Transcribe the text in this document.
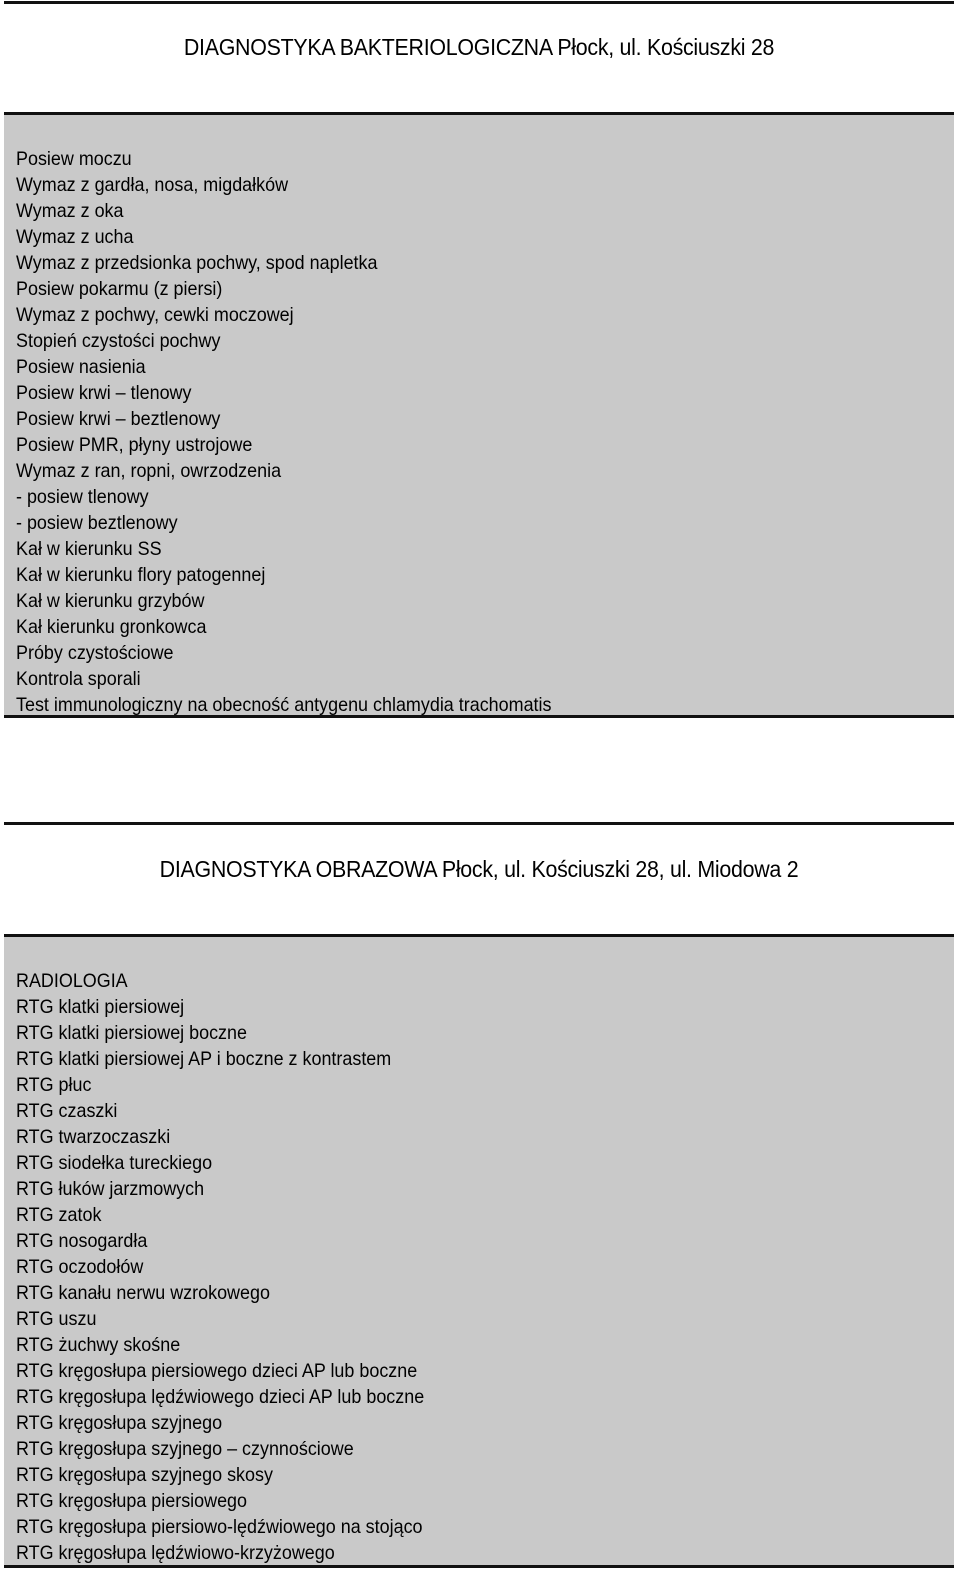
DIAGNOSTYKA BAKTERIOLOGICZNA Płock, ul. Kościuszki 28
Posiew moczu
Wymaz z gardła, nosa, migdałków
Wymaz z oka
Wymaz z ucha
Wymaz z przedsionka pochwy, spod napletka
Posiew pokarmu (z piersi)
Wymaz z pochwy, cewki moczowej
Stopień czystości pochwy
Posiew nasienia
Posiew krwi – tlenowy
Posiew krwi – beztlenowy
Posiew PMR, płyny ustrojowe
Wymaz z ran, ropni, owrzodzenia
- posiew tlenowy
- posiew beztlenowy
Kał w kierunku SS
Kał w kierunku flory patogennej
Kał w kierunku grzybów
Kał kierunku gronkowca
Próby czystościowe
Kontrola sporali
Test immunologiczny na obecność antygenu chlamydia trachomatis
DIAGNOSTYKA OBRAZOWA Płock, ul. Kościuszki 28, ul. Miodowa 2
RADIOLOGIA
RTG klatki piersiowej
RTG klatki piersiowej boczne
RTG klatki piersiowej AP i boczne z kontrastem
RTG płuc
RTG czaszki
RTG twarzoczaszki
RTG siodełka tureckiego
RTG łuków jarzmowych
RTG zatok
RTG nosogardła
RTG oczodołów
RTG kanału nerwu wzrokowego
RTG uszu
RTG żuchwy skośne
RTG kręgosłupa piersiowego dzieci AP lub boczne
RTG kręgosłupa lędźwiowego dzieci AP lub boczne
RTG kręgosłupa szyjnego
RTG kręgosłupa szyjnego – czynnościowe
RTG kręgosłupa szyjnego skosy
RTG kręgosłupa piersiowego
RTG kręgosłupa piersiowo-lędźwiowego na stojąco
RTG kręgosłupa lędźwiowo-krzyżowego
